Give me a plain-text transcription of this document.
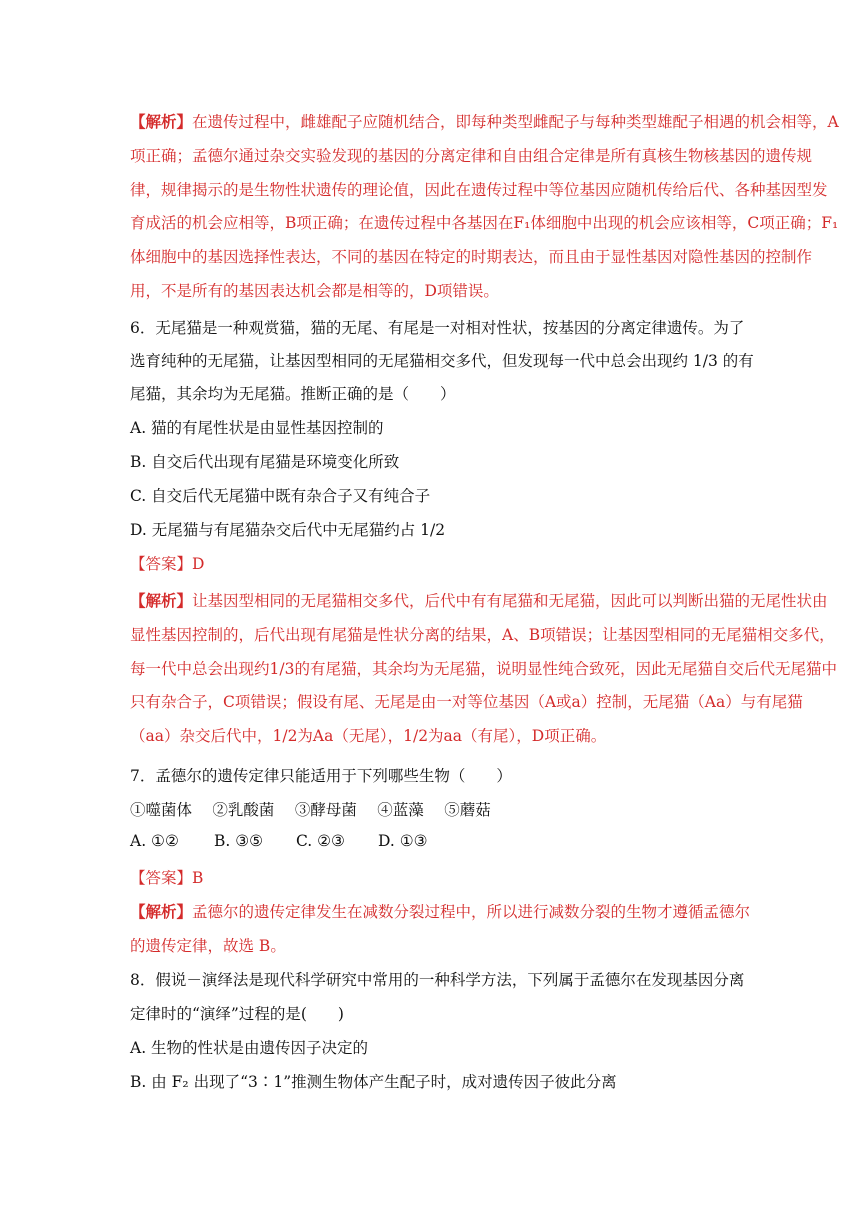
【解析】在遗传过程中，雌雄配子应随机结合，即每种类型雌配子与每种类型雄配子相遇的机会相等，A项正确；孟德尔通过杂交实验发现的基因的分离定律和自由组合定律是所有真核生物核基因的遗传规律，规律揭示的是生物性状遗传的理论值，因此在遗传过程中等位基因应随机传给后代、各种基因型发育成活的机会应相等，B项正确；在遗传过程中各基因在F₁体细胞中出现的机会应该相等，C项正确；F₁体细胞中的基因选择性表达，不同的基因在特定的时期表达，而且由于显性基因对隐性基因的控制作用，不是所有的基因表达机会都是相等的，D项错误。

6．无尾猫是一种观赏猫，猫的无尾、有尾是一对相对性状，按基因的分离定律遗传。为了
选育纯种的无尾猫，让基因型相同的无尾猫相交多代，但发现每一代中总会出现约 1/3 的有
尾猫，其余均为无尾猫。推断正确的是（　　）
A. 猫的有尾性状是由显性基因控制的
B. 自交后代出现有尾猫是环境变化所致
C. 自交后代无尾猫中既有杂合子又有纯合子
D. 无尾猫与有尾猫杂交后代中无尾猫约占 1/2
【答案】D

【解析】让基因型相同的无尾猫相交多代，后代中有有尾猫和无尾猫，因此可以判断出猫的无尾性状由显性基因控制的，后代出现有尾猫是性状分离的结果，A、B项错误；让基因型相同的无尾猫相交多代，每一代中总会出现约1/3的有尾猫，其余均为无尾猫，说明显性纯合致死，因此无尾猫自交后代无尾猫中只有杂合子，C项错误；假设有尾、无尾是由一对等位基因（A或a）控制，无尾猫（Aa）与有尾猫（aa）杂交后代中，1/2为Aa（无尾），1/2为aa（有尾），D项正确。

7．孟德尔的遗传定律只能适用于下列哪些生物（　　）
①噬菌体　 ②乳酸菌　 ③酵母菌　 ④蓝藻　 ⑤蘑菇
A. ①② B. ③⑤ C. ②③ D. ①③
【答案】B
【解析】孟德尔的遗传定律发生在减数分裂过程中，所以进行减数分裂的生物才遵循孟德尔
的遗传定律，故选 B。
8．假说－演绎法是现代科学研究中常用的一种科学方法，下列属于孟德尔在发现基因分离
定律时的“演绎”过程的是(　　)
A. 生物的性状是由遗传因子决定的
B. 由 F₂ 出现了“3∶1”推测生物体产生配子时，成对遗传因子彼此分离
